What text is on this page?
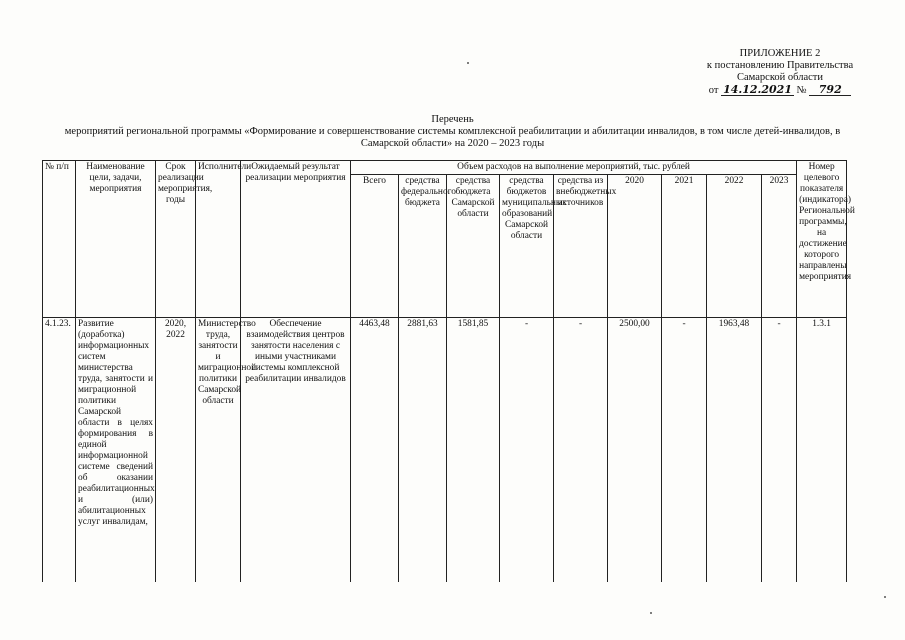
ПРИЛОЖЕНИЕ 2
к постановлению Правительства
Самарской области
от 14.12.2021 № 792
Перечень
мероприятий региональной программы «Формирование и совершенствование системы комплексной реабилитации и абилитации инвалидов, в том числе детей-инвалидов, в Самарской области» на 2020 – 2023 годы
№ п/п	Наименование цели, задачи, мероприятия	Срок реализации мероприятия, годы	Исполнители	Ожидаемый результат реализации мероприятия	Объем расходов на выполнение мероприятий, тыс. рублей									Номер целевого показателя (индикатора) Региональной программы, на достижение которого направлены мероприятия
					Всего	средства федерального бюджета	средства бюджета Самарской области	средства бюджетов муниципальных образований Самарской области	средства из внебюджетных источников	2020	2021	2022	2023	
4.1.23.	Развитие (доработка) информационных систем министерства труда, занятости и миграционной политики Самарской области в целях формирования в единой информационной системе сведений об оказании реабилитационных и (или) абилитационных услуг инвалидам,	2020, 2022	Министерство труда, занятости и миграционной политики Самарской области	Обеспечение взаимодействия центров занятости населения с иными участниками системы комплексной реабилитации инвалидов	4463,48	2881,63	1581,85	-	-	2500,00	-	1963,48	-	1.3.1
